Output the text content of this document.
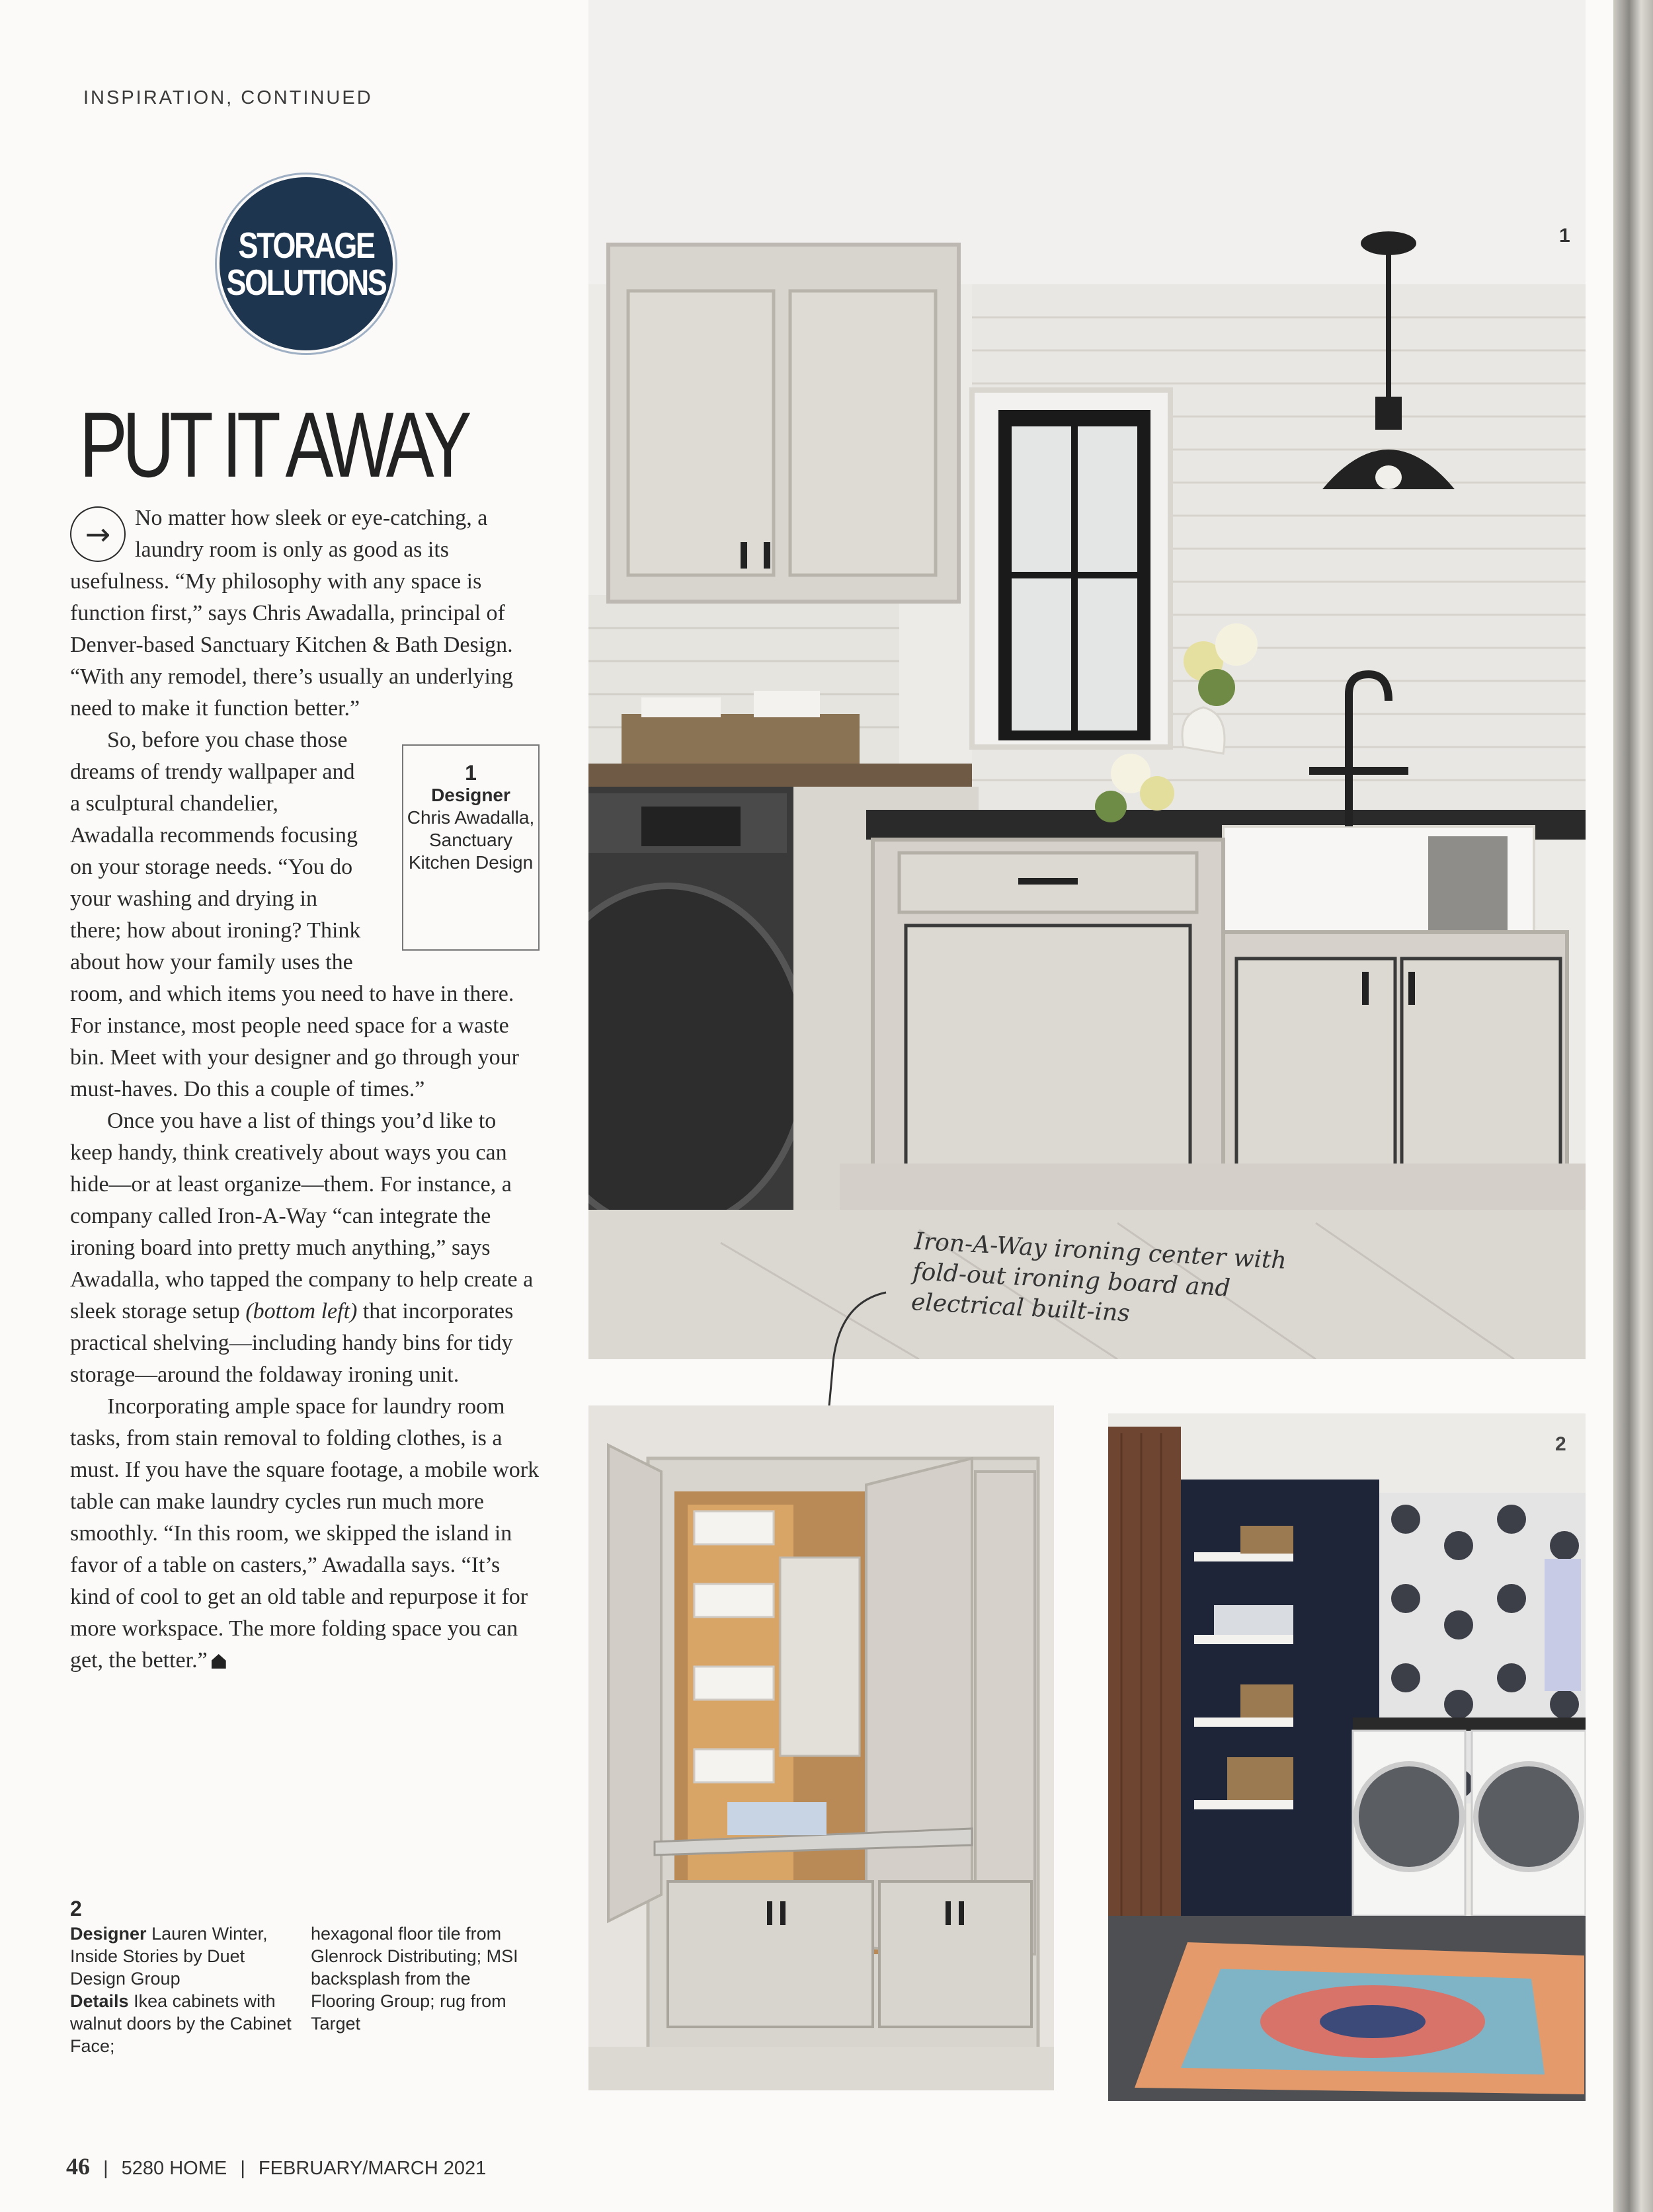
INSPIRATION, CONTINUED
STORAGE
SOLUTIONS
PUT IT AWAY

→	No matter how sleek or eye-catching, a laundry room is only as good as its usefulness. “My philosophy with any space is function first,” says Chris Awadalla, principal of Denver-based Sanctuary Kitchen & Bath Design. “With any remodel, there’s usually an underlying need to make it function better.”

1
Designer
Chris Awadalla, Sanctuary Kitchen Design
So, before you chase those dreams of trendy wallpaper and a sculptural chandelier, Awadalla recommends focusing on your storage needs. “You do your washing and drying in there; how about ironing? Think about how your family uses the room, and which items you need to have in there. For instance, most people need space for a waste bin. Meet with your designer and go through your must-haves. Do this a couple of times.”

Once you have a list of things you’d like to keep handy, think creatively about ways you can hide—or at least organize—them. For instance, a company called Iron-A-Way “can integrate the ironing board into pretty much anything,” says Awadalla, who tapped the company to help create a sleek storage setup (bottom left) that incorporates practical shelving—including handy bins for tidy storage—around the foldaway ironing unit.

Incorporating ample space for laundry room tasks, from stain removal to folding clothes, is a must. If you have the square footage, a mobile work table can make laundry cycles run much more smoothly. “In this room, we skipped the island in favor of a table on casters,” Awadalla says. “It’s kind of cool to get an old table and repurpose it for more workspace. The more folding space you can get, the better.”

2
Designer Lauren Winter, Inside Stories by Duet Design Group
Details Ikea cabinets with walnut doors by the Cabinet Face;
hexagonal floor tile from Glenrock Distributing; MSI backsplash from the Flooring Group; rug from Target
1
Iron-A-Way ironing center with fold-out ironing board and electrical built-ins
2
46 | 5280 HOME | FEBRUARY/MARCH 2021
